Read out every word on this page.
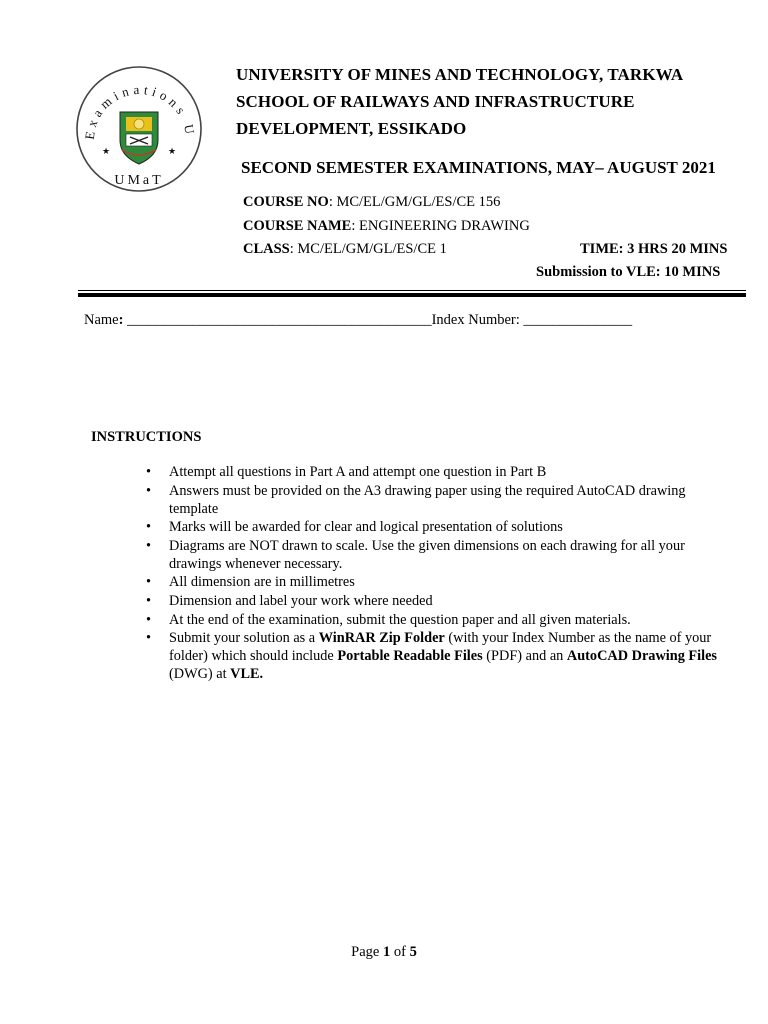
Examinations U
★	★
UMaT
UNIVERSITY OF MINES AND TECHNOLOGY, TARKWA
SCHOOL OF RAILWAYS AND INFRASTRUCTURE
DEVELOPMENT, ESSIKADO
SECOND SEMESTER EXAMINATIONS, MAY– AUGUST 2021
COURSE NO: MC/EL/GM/GL/ES/CE 156
COURSE NAME: ENGINEERING DRAWING
CLASS: MC/EL/GM/GL/ES/CE 1	TIME: 3 HRS 20 MINS
Submission to VLE: 10 MINS
Name: __________________________________________Index Number: _______________
INSTRUCTIONS
• Attempt all questions in Part A and attempt one question in Part B
• Answers must be provided on the A3 drawing paper using the required AutoCAD drawing template
• Marks will be awarded for clear and logical presentation of solutions
• Diagrams are NOT drawn to scale. Use the given dimensions on each drawing for all your drawings whenever necessary.
• All dimension are in millimetres
• Dimension and label your work where needed
• At the end of the examination, submit the question paper and all given materials.
• Submit your solution as a WinRAR Zip Folder (with your Index Number as the name of your folder) which should include Portable Readable Files (PDF) and an AutoCAD Drawing Files (DWG) at VLE.
Page 1 of 5
